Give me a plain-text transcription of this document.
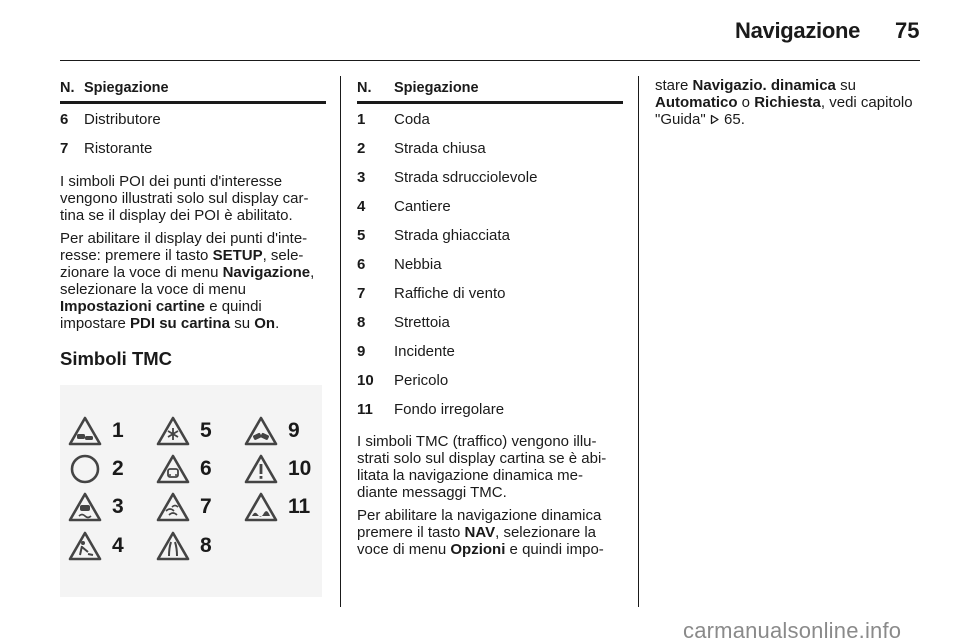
Navigazione 75
N. Spiegazione
6	Distributore
7	Ristorante

I simboli POI dei punti d'interesse vengono illustrati solo sul display car-tina se il display dei POI è abilitato.

Per abilitare il display dei punti d'inte-resse: premere il tasto SETUP, sele-zionare la voce di menu Navigazione, selezionare la voce di menu Impostazioni cartine e quindi impostare PDI su cartina su On.

Simboli TMC
1
2
3
4
5
6
7
8
9
10
11
N.	Spiegazione
1	Coda
2	Strada chiusa
3	Strada sdrucciolevole
4	Cantiere
5	Strada ghiacciata
6	Nebbia
7	Raffiche di vento
8	Strettoia
9	Incidente
10	Pericolo
11	Fondo irregolare

I simboli TMC (traffico) vengono illu-strati solo sul display cartina se è abi-litata la navigazione dinamica me-diante messaggi TMC.

Per abilitare la navigazione dinamica premere il tasto NAV, selezionare la voce di menu Opzioni e quindi impo-

stare Navigazio. dinamica su Automatico o Richiesta, vedi capitolo "Guida"  65.

carmanualsonline.info
